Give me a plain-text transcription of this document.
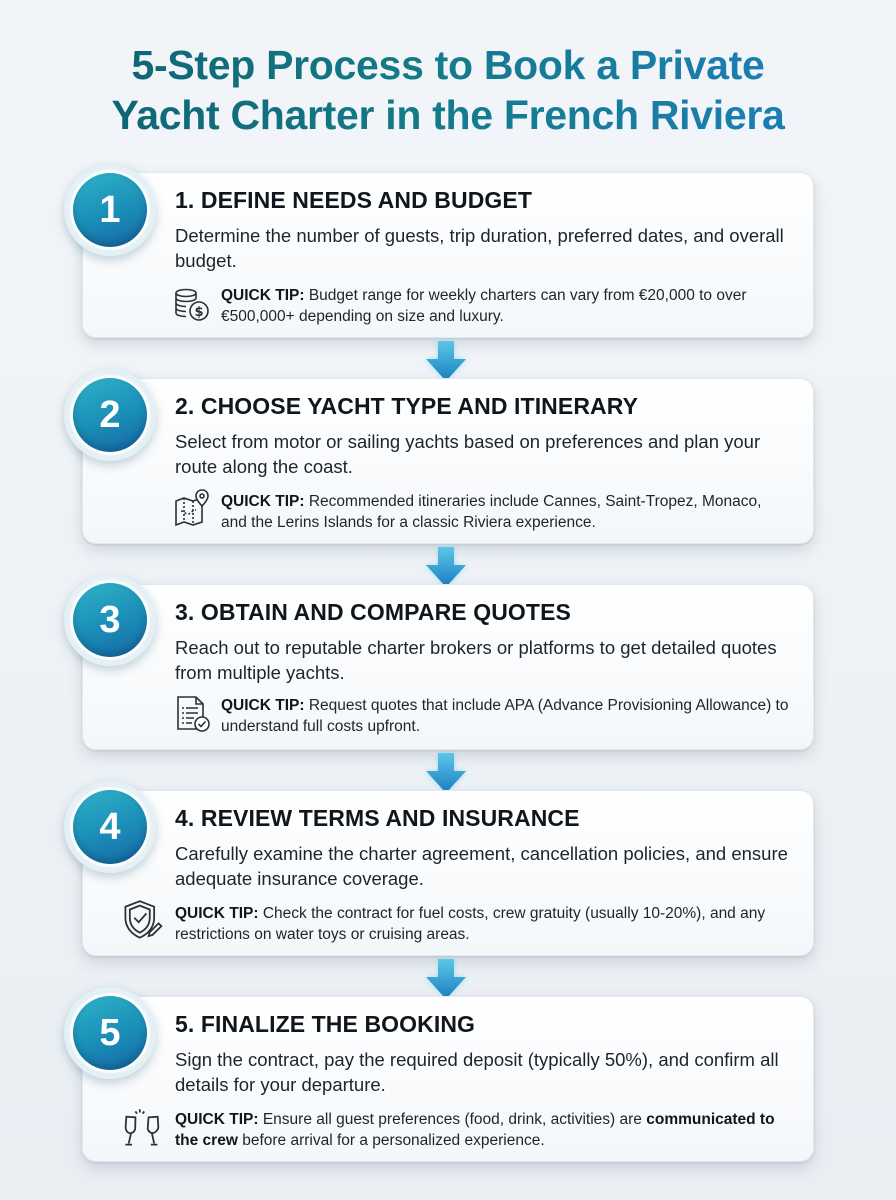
5-Step Process to Book a Private
Yacht Charter in the French Riviera
1. DEFINE NEEDS AND BUDGET
Determine the number of guests, trip duration, preferred dates, and overall budget.
$
QUICK TIP: Budget range for weekly charters can vary from €20,000 to over €500,000+ depending on size and luxury.
1
2. CHOOSE YACHT TYPE AND ITINERARY
Select from motor or sailing yachts based on preferences and plan your route along the coast.
QUICK TIP: Recommended itineraries include Cannes, Saint-Tropez, Monaco, and the Lerins Islands for a classic Riviera experience.
2
3. OBTAIN AND COMPARE QUOTES
Reach out to reputable charter brokers or platforms to get detailed quotes from multiple yachts.
QUICK TIP: Request quotes that include APA (Advance Provisioning Allowance) to understand full costs upfront.
3
4. REVIEW TERMS AND INSURANCE
Carefully examine the charter agreement, cancellation policies, and ensure adequate insurance coverage.
QUICK TIP: Check the contract for fuel costs, crew gratuity (usually 10-20%), and any restrictions on water toys or cruising areas.
4
5. FINALIZE THE BOOKING
Sign the contract, pay the required deposit (typically 50%), and confirm all details for your departure.
QUICK TIP: Ensure all guest preferences (food, drink, activities) are communicated to the crew before arrival for a personalized experience.
5
